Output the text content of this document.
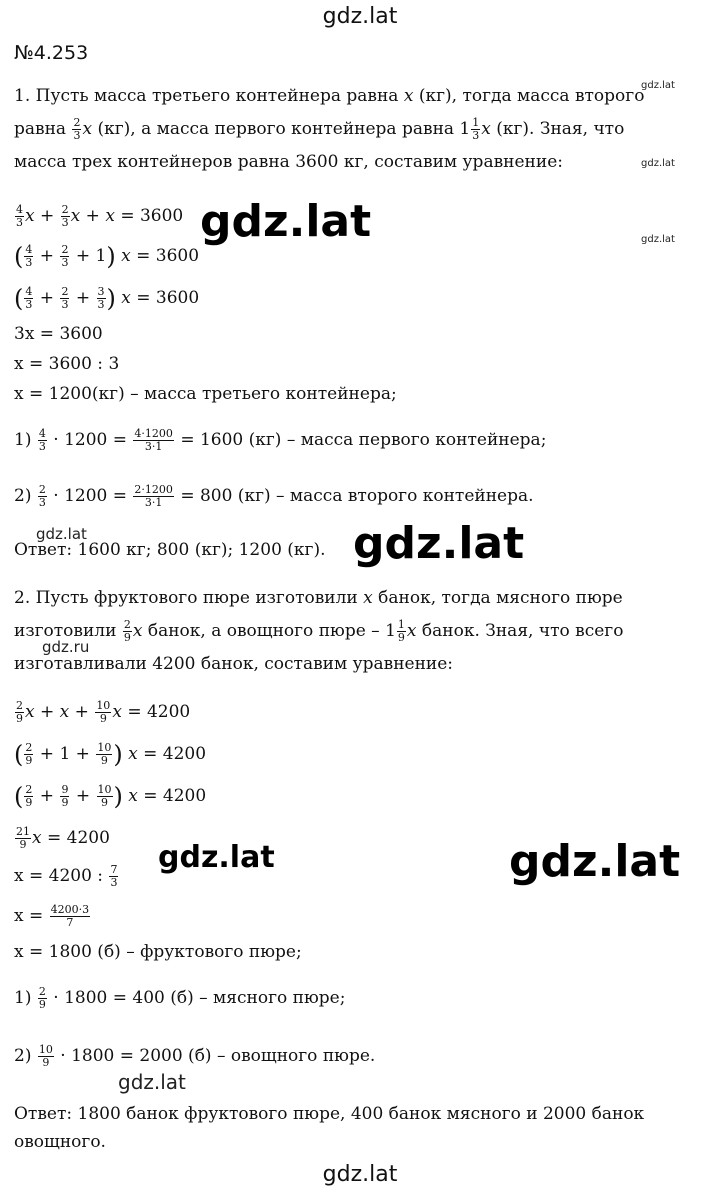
gdz.lat
№4.253
gdz.lat
gdz.lat
gdz.lat
gdz.lat
gdz.ru
1. Пусть масса третьего контейнера равна x (кг), тогда масса второго
равна $\frac{2}{3}$ x (кг), а масса первого контейнера равна $1 \frac{1}{3}$ x (кг). Зная, что
масса трех контейнеров равна 3600 кг, составим уравнение:
$\frac{4}{3}$ $x + \frac{2}{3}$ x + x = 3600
( $\frac{4}{3} + \frac{2}{3} + 1$) x = 3600
( $\frac{4}{3} + \frac{2}{3} + \frac{3}{3}$ ) x = 3600
3x = 3600
x = 3600 : 3
x = 1200(кг) – масса третьего контейнера;
$1) \frac{4}{3} \cdot 1200 = \frac{4\cdot 1200}{3\cdot 1} = 1600$ (кг) – масса первого контейнера;
$2) \frac{2}{3} \cdot 1200 = \frac{2\cdot 1200}{3\cdot 1} = 800$ (кг) – масса второго контейнера.
Ответ: 1600 кг; 800 (кг); 1200 (кг).
2. Пусть фруктового пюре изготовили x банок, тогда мясного пюре
изготовили $\frac{2}{9}$ x банок, а овощного пюре – $1 \frac{1}{9}$ x банок. Зная, что всего
изготавливали 4200 банок, составим уравнение:
$\frac{2}{9}$ $x + x + \frac{10}{9}$ x = 4200
( $\frac{2}{9} + 1 + \frac{10}{9}$ ) x = 4200
( $\frac{2}{9} + \frac{9}{9} + \frac{10}{9}$ ) x = 4200
$\frac{21}{9}$ x = 4200
x = 4200 : $\frac{7}{3}$
$x = \frac{4200\cdot 3}{7}$
x = 1800 (б) – фруктового пюре;
$1) \frac{2}{9} \cdot 1800 = 400$ (б) – мясного пюре;
$2) \frac{10}{9} \cdot 1800 = 2000$ (б) – овощного пюре.
gdz.lat
Ответ: 1800 банок фруктового пюре, 400 банок мясного и 2000 банок
овощного.
gdz.lat
gdz.lat
gdz.lat
gdz.lat
gdz.lat
